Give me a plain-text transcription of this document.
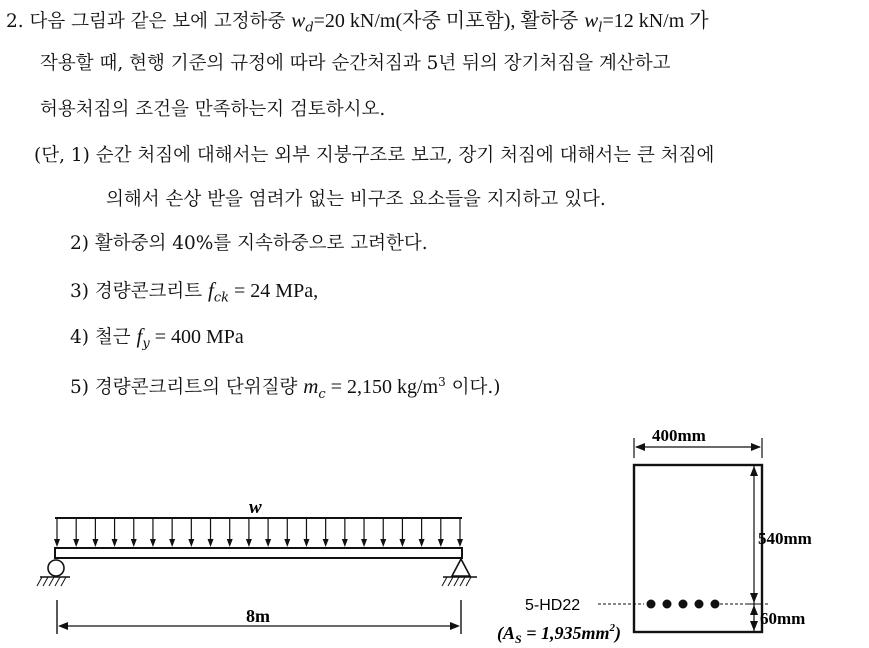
2. 다음 그림과 같은 보에 고정하중 $w_d=20$ kN/m(자중 미포함), 활하중 $w_l=12$ kN/m 가
작용할 때, 현행 기준의 규정에 따라 순간처짐과 5년 뒤의 장기처짐을 계산하고
허용처짐의 조건을 만족하는지 검토하시오.
(단, 1) 순간 처짐에 대해서는 외부 지붕구조로 보고, 장기 처짐에 대해서는 큰 처짐에
의해서 손상 받을 염려가 없는 비구조 요소들을 지지하고 있다.
2) 활하중의 40%를 지속하중으로 고려한다.
3) 경량콘크리트 $f_{ck} = 24$ MPa,
4) 철근 $f_y = 400$ MPa
5) 경량콘크리트의 단위질량 $m_c = 2,150$ $kg/m^3$ 이다.)
w
8m
400mm
5-HD22
$(A_S = 1,935mm^2)$
540mm
60mm
